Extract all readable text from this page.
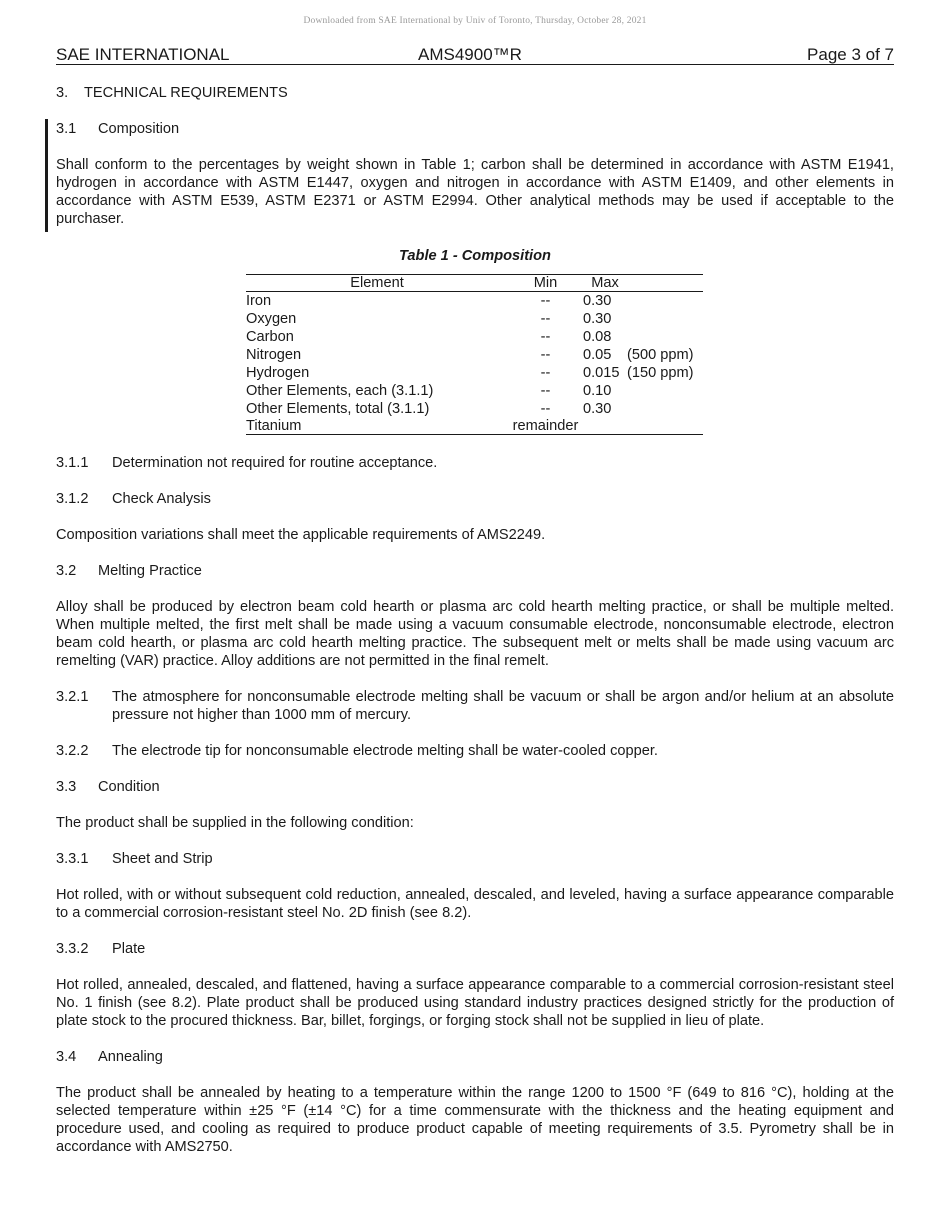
Downloaded from SAE International by Univ of Toronto, Thursday, October 28, 2021
SAE INTERNATIONAL	AMS4900™R	Page 3 of 7
3. TECHNICAL REQUIREMENTS
3.1 Composition

Shall conform to the percentages by weight shown in Table 1; carbon shall be determined in accordance with ASTM E1941, hydrogen in accordance with ASTM E1447, oxygen and nitrogen in accordance with ASTM E1409, and other elements in accordance with ASTM E539, ASTM E2371 or ASTM E2994. Other analytical methods may be used if acceptable to the purchaser.

Table 1 - Composition

Element	Min	Max	
Iron	--	0.30	
Oxygen	--	0.30	
Carbon	--	0.08	
Nitrogen	--	0.05	(500 ppm)
Hydrogen	--	0.015	(150 ppm)
Other Elements, each (3.1.1)	--	0.10	
Other Elements, total (3.1.1)	--	0.30	
Titanium	remainder		
3.1.1	Determination not required for routine acceptance.
3.1.2	Check Analysis

Composition variations shall meet the applicable requirements of AMS2249.

3.2 Melting Practice

Alloy shall be produced by electron beam cold hearth or plasma arc cold hearth melting practice, or shall be multiple melted. When multiple melted, the first melt shall be made using a vacuum consumable electrode, nonconsumable electrode, electron beam cold hearth, or plasma arc cold hearth melting practice. The subsequent melt or melts shall be made using vacuum arc remelting (VAR) practice. Alloy additions are not permitted in the final remelt.

3.2.1	The atmosphere for nonconsumable electrode melting shall be vacuum or shall be argon and/or helium at an absolute pressure not higher than 1000 mm of mercury.
3.2.2	The electrode tip for nonconsumable electrode melting shall be water-cooled copper.
3.3 Condition

The product shall be supplied in the following condition:

3.3.1	Sheet and Strip

Hot rolled, with or without subsequent cold reduction, annealed, descaled, and leveled, having a surface appearance comparable to a commercial corrosion-resistant steel No. 2D finish (see 8.2).

3.3.2	Plate

Hot rolled, annealed, descaled, and flattened, having a surface appearance comparable to a commercial corrosion-resistant steel No. 1 finish (see 8.2). Plate product shall be produced using standard industry practices designed strictly for the production of plate stock to the procured thickness. Bar, billet, forgings, or forging stock shall not be supplied in lieu of plate.

3.4 Annealing

The product shall be annealed by heating to a temperature within the range 1200 to 1500 °F (649 to 816 °C), holding at the selected temperature within ±25 °F (±14 °C) for a time commensurate with the thickness and the heating equipment and procedure used, and cooling as required to produce product capable of meeting requirements of 3.5. Pyrometry shall be in accordance with AMS2750.
